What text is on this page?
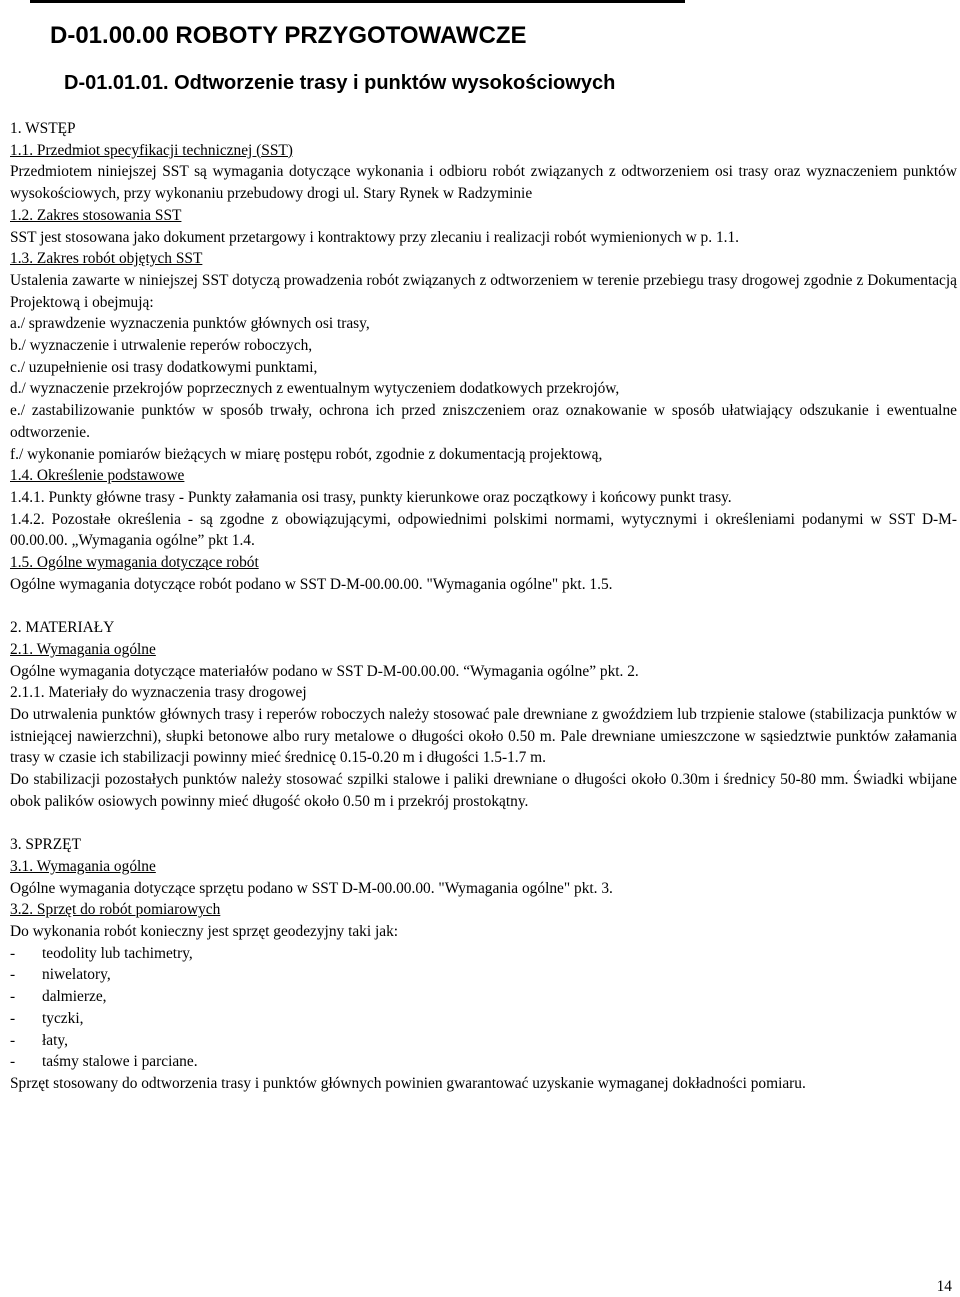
D-01.00.00 ROBOTY PRZYGOTOWAWCZE
D-01.01.01. Odtworzenie trasy i punktów wysokościowych

1. WSTĘP

1.1. Przedmiot specyfikacji technicznej (SST)

Przedmiotem niniejszej SST są wymagania dotyczące wykonania i odbioru robót związanych z odtworzeniem osi trasy oraz wyznaczeniem punktów wysokościowych, przy wykonaniu przebudowy drogi ul. Stary Rynek w Radzyminie

1.2. Zakres stosowania SST

SST jest stosowana jako dokument przetargowy i kontraktowy przy zlecaniu i realizacji robót wymienionych w p. 1.1.

1.3. Zakres robót objętych SST

Ustalenia zawarte w niniejszej SST dotyczą prowadzenia robót związanych z odtworzeniem w terenie przebiegu trasy drogowej zgodnie z Dokumentacją Projektową i obejmują:

a./ sprawdzenie wyznaczenia punktów głównych osi trasy,

b./ wyznaczenie i utrwalenie reperów roboczych,

c./ uzupełnienie osi trasy dodatkowymi punktami,

d./ wyznaczenie przekrojów poprzecznych z ewentualnym wytyczeniem dodatkowych przekrojów,

e./ zastabilizowanie punktów w sposób trwały, ochrona ich przed zniszczeniem oraz oznakowanie w sposób ułatwiający odszukanie i ewentualne odtworzenie.

f./ wykonanie pomiarów bieżących w miarę postępu robót, zgodnie z dokumentacją projektową,

1.4. Określenie podstawowe

1.4.1. Punkty główne trasy - Punkty załamania osi trasy, punkty kierunkowe oraz początkowy i końcowy punkt trasy.

1.4.2. Pozostałe określenia - są zgodne z obowiązującymi, odpowiednimi polskimi normami, wytycznymi i określeniami podanymi w SST D-M-00.00.00. „Wymagania ogólne” pkt 1.4.

1.5. Ogólne wymagania dotyczące robót

Ogólne wymagania dotyczące robót podano w SST D-M-00.00.00. "Wymagania ogólne" pkt. 1.5.

2. MATERIAŁY

2.1. Wymagania ogólne

Ogólne wymagania dotyczące materiałów podano w SST D-M-00.00.00. “Wymagania ogólne” pkt. 2.

2.1.1. Materiały do wyznaczenia trasy drogowej

Do utrwalenia punktów głównych trasy i reperów roboczych należy stosować pale drewniane z gwoździem lub trzpienie stalowe (stabilizacja punktów w istniejącej nawierzchni), słupki betonowe albo rury metalowe o długości około 0.50 m. Pale drewniane umieszczone w sąsiedztwie punktów załamania trasy w czasie ich stabilizacji powinny mieć średnicę 0.15-0.20 m i długości 1.5-1.7 m.

Do stabilizacji pozostałych punktów należy stosować szpilki stalowe i paliki drewniane o długości około 0.30m i średnicy 50-80 mm. Świadki wbijane obok palików osiowych powinny mieć długość około 0.50 m i przekrój prostokątny.

3. SPRZĘT

3.1. Wymagania ogólne

Ogólne wymagania dotyczące sprzętu podano w SST D-M-00.00.00. "Wymagania ogólne" pkt. 3.

3.2. Sprzęt do robót pomiarowych

Do wykonania robót konieczny jest sprzęt geodezyjny taki jak:

-	teodolity lub tachimetry,
-	niwelatory,
-	dalmierze,
-	tyczki,
-	łaty,
-	taśmy stalowe i parciane.

Sprzęt stosowany do odtworzenia trasy i punktów głównych powinien gwarantować uzyskanie wymaganej dokładności pomiaru.

14
